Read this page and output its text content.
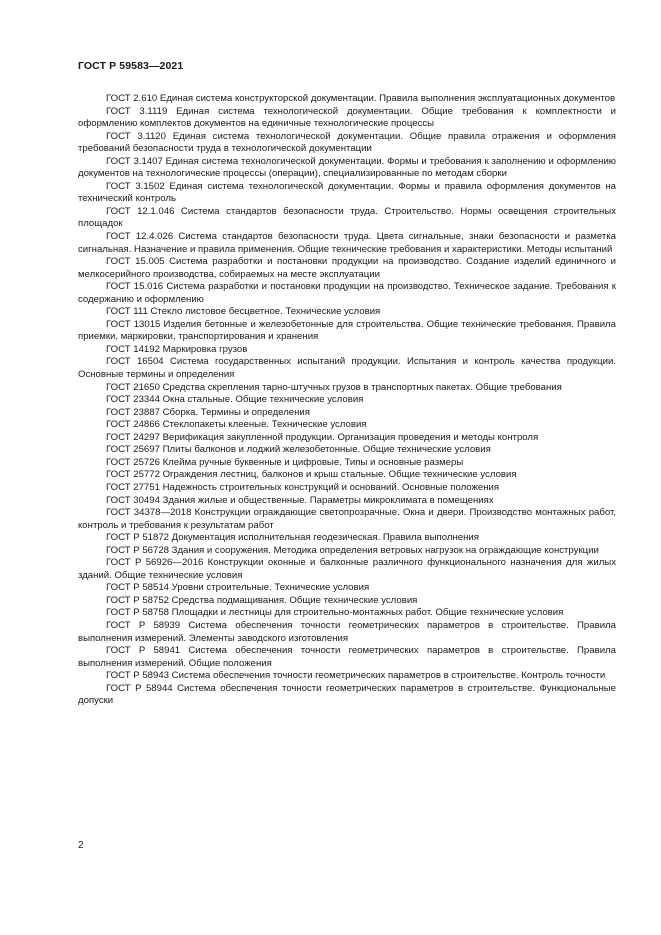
ГОСТ Р 59583—2021

ГОСТ 2.610 Единая система конструкторской документации. Правила выполнения эксплуатационных документов

ГОСТ 3.1119 Единая система технологической документации. Общие требования к комплектности и оформлению комплектов документов на единичные технологические процессы

ГОСТ 3.1120 Единая система технологической документации. Общие правила отражения и оформления требований безопасности труда в технологической документации

ГОСТ 3.1407 Единая система технологической документации. Формы и требования к заполнению и оформлению документов на технологические процессы (операции), специализированные по методам сборки

ГОСТ 3.1502 Единая система технологической документации. Формы и правила оформления документов на технический контроль

ГОСТ 12.1.046 Система стандартов безопасности труда. Строительство. Нормы освещения строительных площадок

ГОСТ 12.4.026 Система стандартов безопасности труда. Цвета сигнальные, знаки безопасности и разметка сигнальная. Назначение и правила применения. Общие технические требования и характеристики. Методы испытаний

ГОСТ 15.005 Система разработки и постановки продукции на производство. Создание изделий единичного и мелкосерийного производства, собираемых на месте эксплуатации

ГОСТ 15.016 Система разработки и постановки продукции на производство. Техническое задание. Требования к содержанию и оформлению

ГОСТ 111 Стекло листовое бесцветное. Технические условия

ГОСТ 13015 Изделия бетонные и железобетонные для строительства. Общие технические требования. Правила приемки, маркировки, транспортирования и хранения

ГОСТ 14192 Маркировка грузов

ГОСТ 16504 Система государственных испытаний продукции. Испытания и контроль качества продукции. Основные термины и определения

ГОСТ 21650 Средства скрепления тарно-штучных грузов в транспортных пакетах. Общие требования

ГОСТ 23344 Окна стальные. Общие технические условия

ГОСТ 23887 Сборка. Термины и определения

ГОСТ 24866 Стеклопакеты клееные. Технические условия

ГОСТ 24297 Верификация закупленной продукции. Организация проведения и методы контроля

ГОСТ 25697 Плиты балконов и лоджий железобетонные. Общие технические условия

ГОСТ 25726 Клейма ручные буквенные и цифровые. Типы и основные размеры

ГОСТ 25772 Ограждения лестниц, балконов и крыш стальные. Общие технические условия

ГОСТ 27751 Надежность строительных конструкций и оснований. Основные положения

ГОСТ 30494 Здания жилые и общественные. Параметры микроклимата в помещениях

ГОСТ 34378—2018 Конструкции ограждающие светопрозрачные. Окна и двери. Производство монтажных работ, контроль и требования к результатам работ

ГОСТ Р 51872 Документация исполнительная геодезическая. Правила выполнения

ГОСТ Р 56728 Здания и сооружения. Методика определения ветровых нагрузок на ограждающие конструкции

ГОСТ Р 56926—2016 Конструкции оконные и балконные различного функционального назначения для жилых зданий. Общие технические условия

ГОСТ Р 58514 Уровни строительные. Технические условия

ГОСТ Р 58752 Средства подмащивания. Общие технические условия

ГОСТ Р 58758 Площадки и лестницы для строительно-монтажных работ. Общие технические условия

ГОСТ Р 58939 Система обеспечения точности геометрических параметров в строительстве. Правила выполнения измерений. Элементы заводского изготовления

ГОСТ Р 58941 Система обеспечения точности геометрических параметров в строительстве. Правила выполнения измерений. Общие положения

ГОСТ Р 58943 Система обеспечения точности геометрических параметров в строительстве. Контроль точности

ГОСТ Р 58944 Система обеспечения точности геометрических параметров в строительстве. Функциональные допуски

2
